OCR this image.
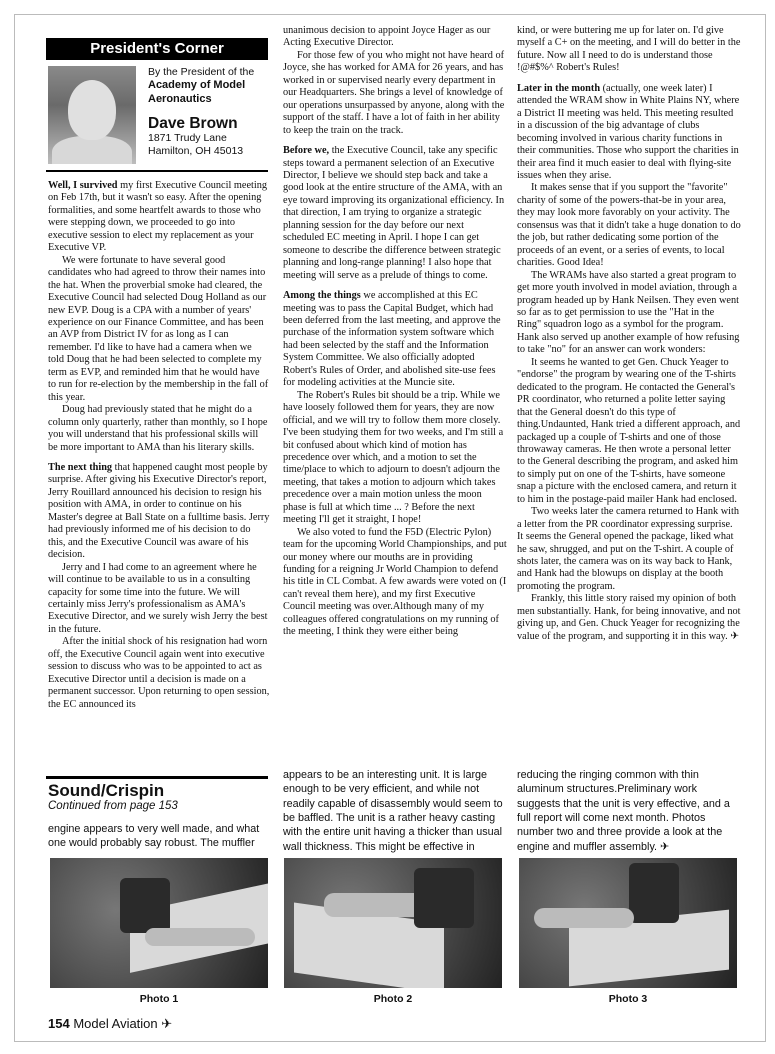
President's Corner
By the President of the
Academy of Model Aeronautics
Dave Brown
1871 Trudy Lane
Hamilton, OH 45013

Well, I survived my first Executive Council meeting on Feb 17th, but it wasn't so easy. After the opening formalities, and some heartfelt awards to those who were stepping down, we proceeded to go into executive session to elect my replacement as your Executive VP.

We were fortunate to have several good candidates who had agreed to throw their names into the hat. When the proverbial smoke had cleared, the Executive Council had selected Doug Holland as our new EVP. Doug is a CPA with a number of years' experience on our Finance Committee, and has been an AVP from District IV for as long as I can remember. I'd like to have had a camera when we told Doug that he had been selected to complete my term as EVP, and reminded him that he would have to run for re-election by the membership in the fall of this year.

Doug had previously stated that he might do a column only quarterly, rather than monthly, so I hope you will understand that his professional skills will be more important to AMA than his literary skills.

The next thing that happened caught most people by surprise. After giving his Executive Director's report, Jerry Rouillard announced his decision to resign his position with AMA, in order to continue on his Master's degree at Ball State on a fulltime basis. Jerry had previously informed me of his decision to do this, and the Executive Council was aware of his decision.

Jerry and I had come to an agreement where he will continue to be available to us in a consulting capacity for some time into the future. We will certainly miss Jerry's professionalism as AMA's Executive Director, and we surely wish Jerry the best in the future.

After the initial shock of his resignation had worn off, the Executive Council again went into executive session to discuss who was to be appointed to act as Executive Director until a decision is made on a permanent successor. Upon returning to open session, the EC announced its

unanimous decision to appoint Joyce Hager as our Acting Executive Director.

For those few of you who might not have heard of Joyce, she has worked for AMA for 26 years, and has worked in or supervised nearly every department in our Headquarters. She brings a level of knowledge of our operations unsurpassed by anyone, along with the support of the staff. I have a lot of faith in her ability to keep the train on the track.

Before we, the Executive Council, take any specific steps toward a permanent selection of an Executive Director, I believe we should step back and take a good look at the entire structure of the AMA, with an eye toward improving its organizational efficiency. In that direction, I am trying to organize a strategic planning session for the day before our next scheduled EC meeting in April. I hope I can get someone to describe the difference between strategic planning and long-range planning! I also hope that meeting will serve as a prelude of things to come.

Among the things we accomplished at this EC meeting was to pass the Capital Budget, which had been deferred from the last meeting, and approve the purchase of the information system software which had been selected by the staff and the Information System Committee. We also officially adopted Robert's Rules of Order, and abolished site-use fees for modeling activities at the Muncie site.

The Robert's Rules bit should be a trip. While we have loosely followed them for years, they are now official, and we will try to follow them more closely. I've been studying them for two weeks, and I'm still a bit confused about which kind of motion has precedence over which, and a motion to set the time/place to which to adjourn to doesn't adjourn the meeting, that takes a motion to adjourn which takes precedence over a main motion unless the moon phase is full at which time ... ? Before the next meeting I'll get it straight, I hope!

We also voted to fund the F5D (Electric Pylon) team for the upcoming World Championships, and put our money where our mouths are in providing funding for a reigning Jr World Champion to defend his title in CL Combat. A few awards were voted on (I can't reveal them here), and my first Executive Council meeting was over.Although many of my colleagues offered congratulations on my running of the meeting, I think they were either being

kind, or were buttering me up for later on. I'd give myself a C+ on the meeting, and I will do better in the future. Now all I need to do is understand those !@#$%^ Robert's Rules!

Later in the month (actually, one week later) I attended the WRAM show in White Plains NY, where a District II meeting was held. This meeting resulted in a discussion of the big advantage of clubs becoming involved in various charity functions in their communities. Those who support the charities in their area find it much easier to deal with flying-site issues when they arise.

It makes sense that if you support the "favorite" charity of some of the powers-that-be in your area, they may look more favorably on your activity. The consensus was that it didn't take a huge donation to do the job, but rather dedicating some portion of the proceeds of an event, or a series of events, to local charities. Good Idea!

The WRAMs have also started a great program to get more youth involved in model aviation, through a program headed up by Hank Neilsen. They even went so far as to get permission to use the "Hat in the Ring" squadron logo as a symbol for the program. Hank also served up another example of how refusing to take "no" for an answer can work wonders:

It seems he wanted to get Gen. Chuck Yeager to "endorse" the program by wearing one of the T-shirts dedicated to the program. He contacted the General's PR coordinator, who returned a polite letter saying that the General doesn't do this type of thing.Undaunted, Hank tried a different approach, and packaged up a couple of T-shirts and one of those throwaway cameras. He then wrote a personal letter to the General describing the program, and asked him to simply put on one of the T-shirts, have someone snap a picture with the enclosed camera, and return it to him in the postage-paid mailer Hank had enclosed.

Two weeks later the camera returned to Hank with a letter from the PR coordinator expressing surprise. It seems the General opened the package, liked what he saw, shrugged, and put on the T-shirt. A couple of shots later, the camera was on its way back to Hank, and Hank had the blowups on display at the booth promoting the program.

Frankly, this little story raised my opinion of both men substantially. Hank, for being innovative, and not giving up, and Gen. Chuck Yeager for recognizing the value of the program, and supporting it in this way. ✈

Sound/Crispin
Continued from page 153
engine appears to very well made, and what one would probably say robust. The muffler
appears to be an interesting unit. It is large enough to be very efficient, and while not readily capable of disassembly would seem to be baffled. The unit is a rather heavy casting with the entire unit having a thicker than usual wall thickness. This might be effective in
reducing the ringing common with thin aluminum structures.Preliminary work suggests that the unit is very effective, and a full report will come next month. Photos number two and three provide a look at the engine and muffler assembly. ✈
Photo 1	Photo 2	Photo 3
154 Model Aviation ✈
